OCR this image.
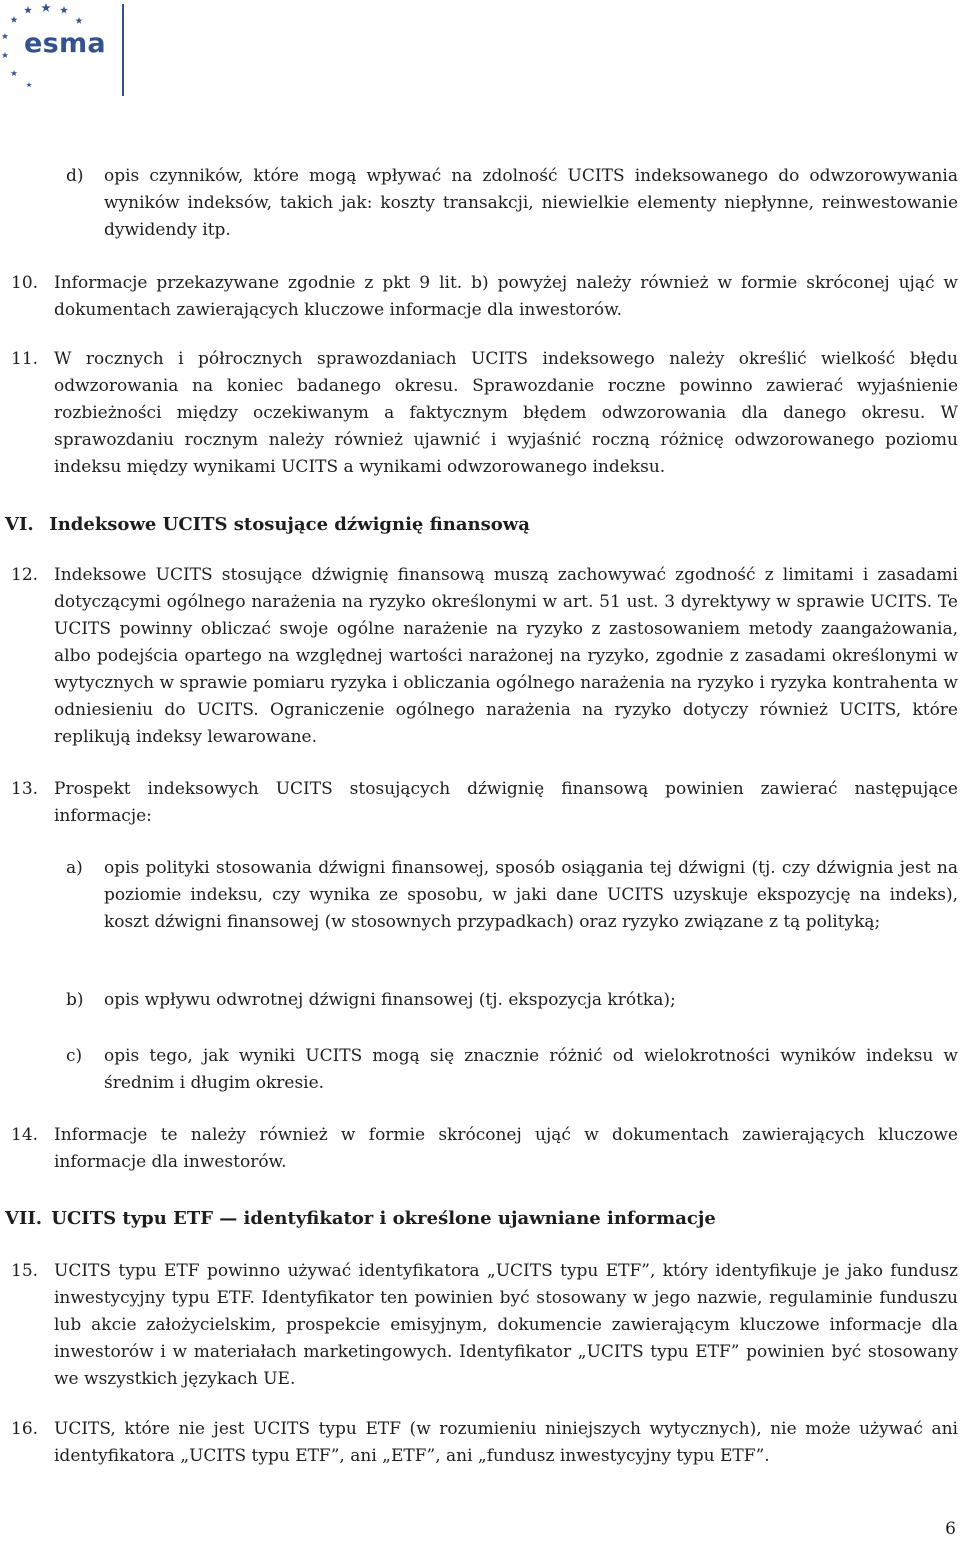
esma
d) opis czynników, które mogą wpływać na zdolność UCITS indeksowanego do odwzorowywania wyników indeksów, takich jak: koszty transakcji, niewielkie elementy niepłynne, reinwestowanie dywidendy itp.
10. Informacje przekazywane zgodnie z pkt 9 lit. b) powyżej należy również w formie skróconej ująć w dokumentach zawierających kluczowe informacje dla inwestorów.
11. W rocznych i półrocznych sprawozdaniach UCITS indeksowego należy określić wielkość błędu odwzorowania na koniec badanego okresu. Sprawozdanie roczne powinno zawierać wyjaśnienie rozbieżności między oczekiwanym a faktycznym błędem odwzorowania dla danego okresu. W sprawozdaniu rocznym należy również ujawnić i wyjaśnić roczną różnicę odwzorowanego poziomu indeksu między wynikami UCITS a wynikami odwzorowanego indeksu.
VI. Indeksowe UCITS stosujące dźwignię finansową
12. Indeksowe UCITS stosujące dźwignię finansową muszą zachowywać zgodność z limitami i zasadami dotyczącymi ogólnego narażenia na ryzyko określonymi w art. 51 ust. 3 dyrektywy w sprawie UCITS. Te UCITS powinny obliczać swoje ogólne narażenie na ryzyko z zastosowaniem metody zaangażowania, albo podejścia opartego na względnej wartości narażonej na ryzyko, zgodnie z zasadami określonymi w wytycznych w sprawie pomiaru ryzyka i obliczania ogólnego narażenia na ryzyko i ryzyka kontrahenta w odniesieniu do UCITS. Ograniczenie ogólnego narażenia na ryzyko dotyczy również UCITS, które replikują indeksy lewarowane.
13. Prospekt indeksowych UCITS stosujących dźwignię finansową powinien zawierać następujące informacje:
a) opis polityki stosowania dźwigni finansowej, sposób osiągania tej dźwigni (tj. czy dźwignia jest na poziomie indeksu, czy wynika ze sposobu, w jaki dane UCITS uzyskuje ekspozycję na indeks), koszt dźwigni finansowej (w stosownych przypadkach) oraz ryzyko związane z tą polityką;
b) opis wpływu odwrotnej dźwigni finansowej (tj. ekspozycja krótka);
c) opis tego, jak wyniki UCITS mogą się znacznie różnić od wielokrotności wyników indeksu w średnim i długim okresie.
14. Informacje te należy również w formie skróconej ująć w dokumentach zawierających kluczowe informacje dla inwestorów.
VII. UCITS typu ETF — identyfikator i określone ujawniane informacje
15. UCITS typu ETF powinno używać identyfikatora „UCITS typu ETF”, który identyfikuje je jako fundusz inwestycyjny typu ETF. Identyfikator ten powinien być stosowany w jego nazwie, regulaminie funduszu lub akcie założycielskim, prospekcie emisyjnym, dokumencie zawierającym kluczowe informacje dla inwestorów i w materiałach marketingowych. Identyfikator „UCITS typu ETF” powinien być stosowany we wszystkich językach UE.
16. UCITS, które nie jest UCITS typu ETF (w rozumieniu niniejszych wytycznych), nie może używać ani identyfikatora „UCITS typu ETF”, ani „ETF”, ani „fundusz inwestycyjny typu ETF”.
6
